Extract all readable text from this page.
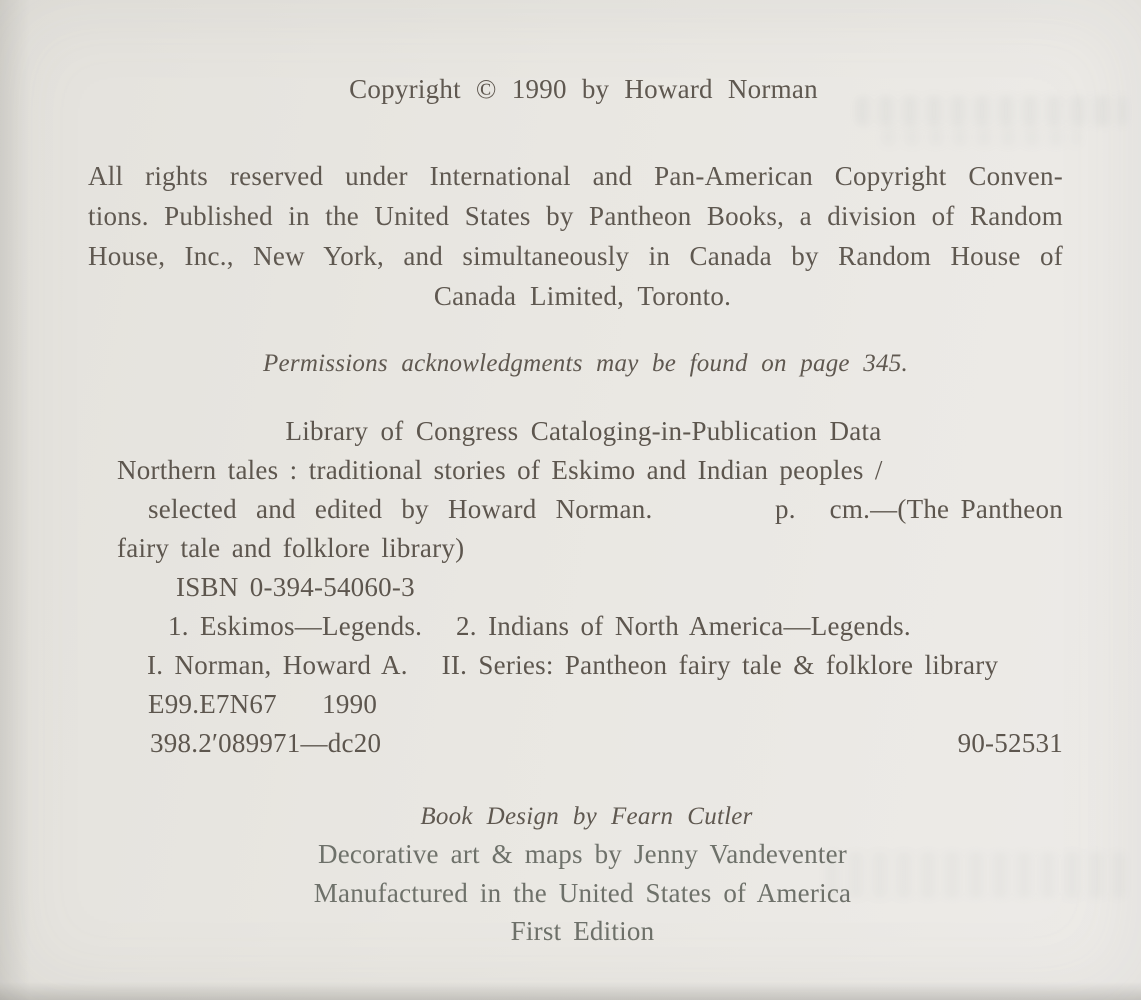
Copyright © 1990 by Howard Norman
All rights reserved under International and Pan-American Copyright Conven-
tions. Published in the United States by Pantheon Books, a division of Random
House, Inc., New York, and simultaneously in Canada by Random House of
Canada Limited, Toronto.
Permissions acknowledgments may be found on page 345.
Library of Congress Cataloging-in-Publication Data
Northern tales : traditional stories of Eskimo and Indian peoples /
selected and edited by Howard Norman.	p.   cm.—(The Pantheon
fairy tale and folklore library)
ISBN 0-394-54060-3
1. Eskimos—Legends.   2. Indians of North America—Legends.
I. Norman, Howard A.   II. Series: Pantheon fairy tale & folklore library
E99.E7N67    1990
398.2′089971—dc20	90-52531
Book Design by Fearn Cutler
Decorative art & maps by Jenny Vandeventer
Manufactured in the United States of America
First Edition
